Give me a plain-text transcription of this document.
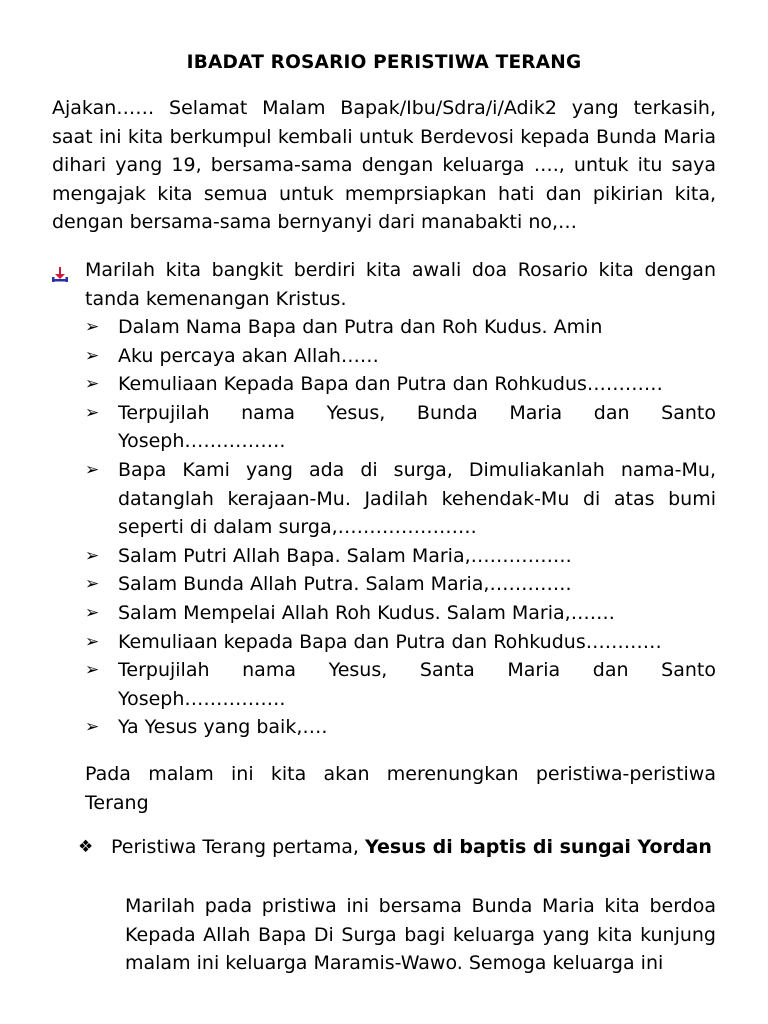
IBADAT ROSARIO PERISTIWA TERANG
Ajakan…… Selamat Malam Bapak/Ibu/Sdra/i/Adik2 yang terkasih, saat ini kita berkumpul kembali untuk Berdevosi kepada Bunda Maria dihari yang 19, bersama-sama dengan keluarga …., untuk itu saya mengajak kita semua untuk memprsiapkan hati dan pikirian kita, dengan bersama-sama bernyanyi dari manabakti no,…
Marilah kita bangkit berdiri kita awali doa Rosario kita dengan tanda kemenangan Kristus.
➢ Dalam Nama Bapa dan Putra dan Roh Kudus. Amin
➢ Aku percaya akan Allah……
➢ Kemuliaan Kepada Bapa dan Putra dan Rohkudus…………
➢ Terpujilah nama Yesus, Bunda Maria dan Santo Yoseph…………….
➢ Bapa Kami yang ada di surga, Dimuliakanlah nama-Mu, datanglah kerajaan-Mu. Jadilah kehendak-Mu di atas bumi seperti di dalam surga,………………….
➢ Salam Putri Allah Bapa. Salam Maria,…………….
➢ Salam Bunda Allah Putra. Salam Maria,………….
➢ Salam Mempelai Allah Roh Kudus. Salam Maria,…….
➢ Kemuliaan kepada Bapa dan Putra dan Rohkudus…………
➢ Terpujilah nama Yesus, Santa Maria dan Santo Yoseph…………….
➢ Ya Yesus yang baik,….
Pada malam ini kita akan merenungkan peristiwa-peristiwa Terang
❖ Peristiwa Terang pertama, Yesus di baptis di sungai Yordan
Marilah pada pristiwa ini bersama Bunda Maria kita berdoa Kepada Allah Bapa Di Surga bagi keluarga yang kita kunjung malam ini keluarga Maramis-Wawo. Semoga keluarga ini
